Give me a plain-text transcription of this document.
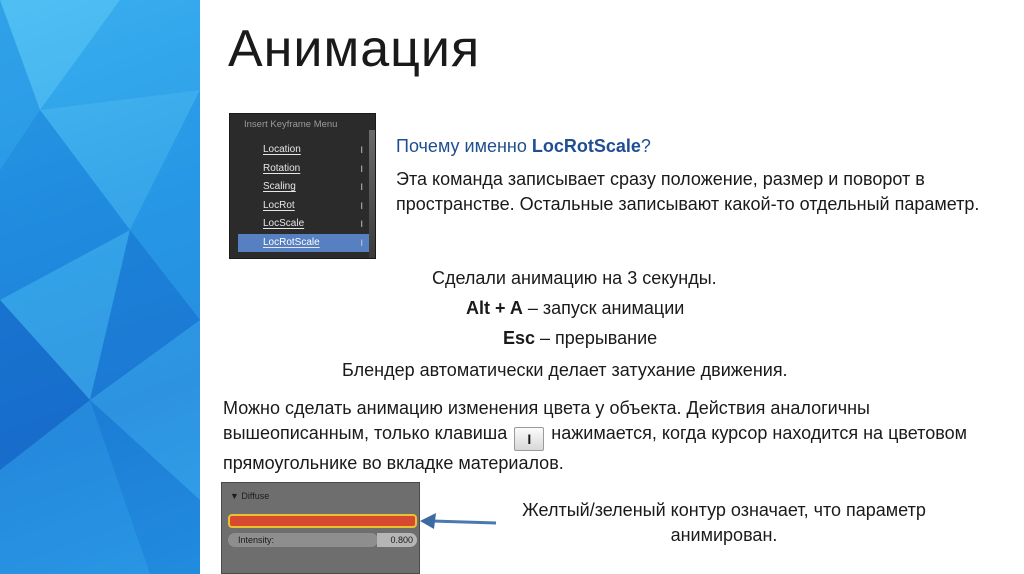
Анимация
Insert Keyframe Menu
Location	I
Rotation	I
Scaling	I
LocRot	I
LocScale	I
LocRotScale	I
Почему именно LocRotScale?
Эта команда записывает сразу положение, размер и поворот в пространстве. Остальные записывают какой-то отдельный параметр.
Сделали анимацию на 3 секунды.
Alt + A – запуск анимации
Esc – прерывание
Блендер автоматически делает затухание движения.
Можно сделать анимацию изменения цвета у объекта. Действия аналогичны вышеописанным, только клавиша I нажимается, когда курсор находится на цветовом прямоугольнике во вкладке материалов.
▼ Diffuse
Intensity:	0.800
Желтый/зеленый контур означает, что параметр анимирован.
